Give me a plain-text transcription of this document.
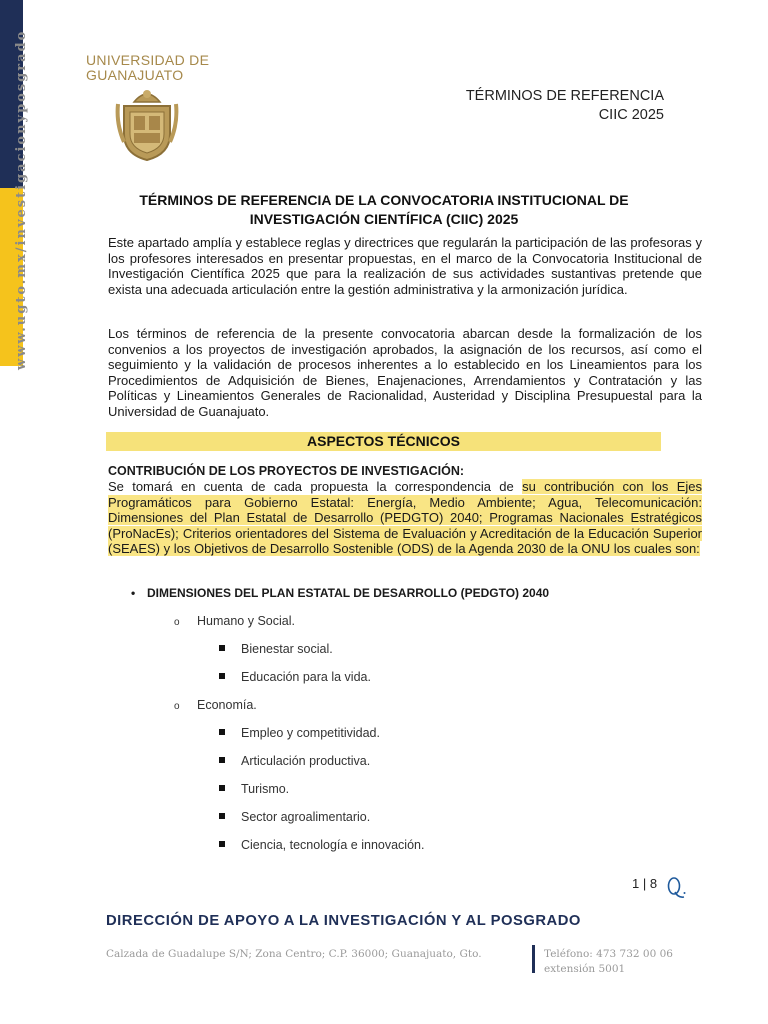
www.ugto.mx/investigacionyposgrado	UNIVERSIDAD DE
GUANAJUATO
TÉRMINOS DE REFERENCIA
CIIC 2025
TÉRMINOS DE REFERENCIA DE LA CONVOCATORIA INSTITUCIONAL DE
INVESTIGACIÓN CIENTÍFICA (CIIC) 2025
Este apartado amplía y establece reglas y directrices que regularán la participación de las profesoras y los profesores interesados en presentar propuestas, en el marco de la Convocatoria Institucional de Investigación Científica 2025 que para la realización de sus actividades sustantivas pretende que exista una adecuada articulación entre la gestión administrativa y la armonización jurídica.
Los términos de referencia de la presente convocatoria abarcan desde la formalización de los convenios a los proyectos de investigación aprobados, la asignación de los recursos, así como el seguimiento y la validación de procesos inherentes a lo establecido en los Lineamientos para los Procedimientos de Adquisición de Bienes, Enajenaciones, Arrendamientos y Contratación y las Políticas y Lineamientos Generales de Racionalidad, Austeridad y Disciplina Presupuestal para la Universidad de Guanajuato.
ASPECTOS TÉCNICOS
CONTRIBUCIÓN DE LOS PROYECTOS DE INVESTIGACIÓN:
Se tomará en cuenta de cada propuesta la correspondencia de su contribución con los Ejes Programáticos para Gobierno Estatal: Energía, Medio Ambiente; Agua, Telecomunicación: Dimensiones del Plan Estatal de Desarrollo (PEDGTO) 2040; Programas Nacionales Estratégicos (ProNacEs); Criterios orientadores del Sistema de Evaluación y Acreditación de la Educación Superior (SEAES) y los Objetivos de Desarrollo Sostenible (ODS) de la Agenda 2030 de la ONU los cuales son:
• DIMENSIONES DEL PLAN ESTATAL DE DESARROLLO (PEDGTO) 2040
o Humano y Social.
Bienestar social.
Educación para la vida.
o Economía.
Empleo y competitividad.
Articulación productiva.
Turismo.
Sector agroalimentario.
Ciencia, tecnología e innovación.
1 | 8
DIRECCIÓN DE APOYO A LA INVESTIGACIÓN Y AL POSGRADO
Calzada de Guadalupe S/N; Zona Centro; C.P. 36000; Guanajuato, Gto.	Teléfono: 473 732 00 06
extensión 5001
